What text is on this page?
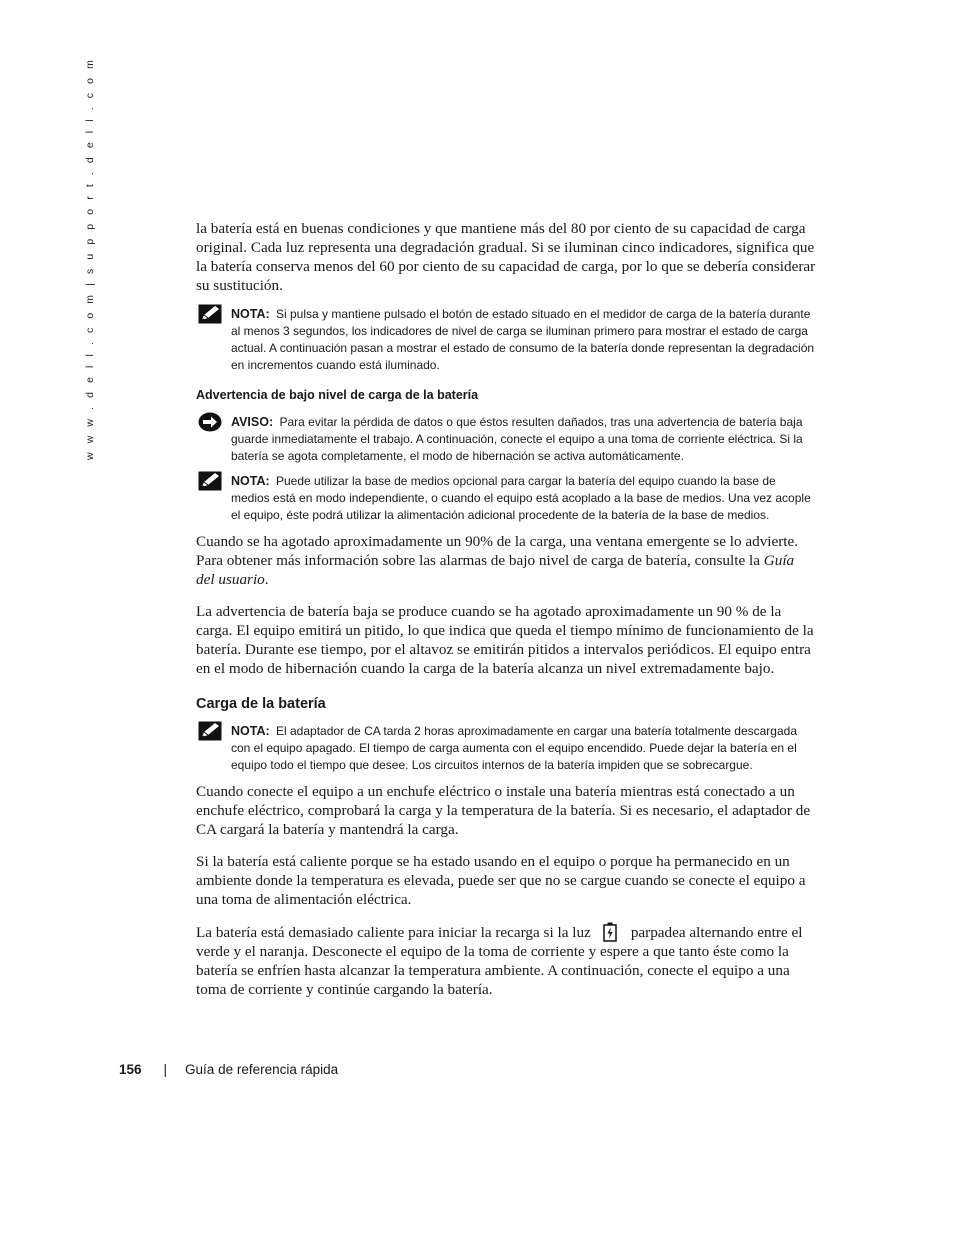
w w w . d e l l . c o m | s u p p o r t . d e l l . c o m	la batería está en buenas condiciones y que mantiene más del 80 por ciento de su capacidad de carga original. Cada luz representa una degradación gradual. Si se iluminan cinco indicadores, significa que la batería conserva menos del 60 por ciento de su capacidad de carga, por lo que se debería considerar su sustitución.

NOTA: Si pulsa y mantiene pulsado el botón de estado situado en el medidor de carga de la batería durante al menos 3 segundos, los indicadores de nivel de carga se iluminan primero para mostrar el estado de carga actual. A continuación pasan a mostrar el estado de consumo de la batería donde representan la degradación en incrementos cuando está iluminado.
Advertencia de bajo nivel de carga de la batería
AVISO: Para evitar la pérdida de datos o que éstos resulten dañados, tras una advertencia de batería baja guarde inmediatamente el trabajo. A continuación, conecte el equipo a una toma de corriente eléctrica. Si la batería se agota completamente, el modo de hibernación se activa automáticamente.
NOTA: Puede utilizar la base de medios opcional para cargar la batería del equipo cuando la base de medios está en modo independiente, o cuando el equipo está acoplado a la base de medios. Una vez acople el equipo, éste podrá utilizar la alimentación adicional procedente de la batería de la base de medios.

Cuando se ha agotado aproximadamente un 90% de la carga, una ventana emergente se lo advierte. Para obtener más información sobre las alarmas de bajo nivel de carga de batería, consulte la Guía del usuario.

La advertencia de batería baja se produce cuando se ha agotado aproximadamente un 90 % de la carga. El equipo emitirá un pitido, lo que indica que queda el tiempo mínimo de funcionamiento de la batería. Durante ese tiempo, por el altavoz se emitirán pitidos a intervalos periódicos. El equipo entra en el modo de hibernación cuando la carga de la batería alcanza un nivel extremadamente bajo.

Carga de la batería
NOTA: El adaptador de CA tarda 2 horas aproximadamente en cargar una batería totalmente descargada con el equipo apagado. El tiempo de carga aumenta con el equipo encendido. Puede dejar la batería en el equipo todo el tiempo que desee. Los circuitos internos de la batería impiden que se sobrecargue.

Cuando conecte el equipo a un enchufe eléctrico o instale una batería mientras está conectado a un enchufe eléctrico, comprobará la carga y la temperatura de la batería. Si es necesario, el adaptador de CA cargará la batería y mantendrá la carga.

Si la batería está caliente porque se ha estado usando en el equipo o porque ha permanecido en un ambiente donde la temperatura es elevada, puede ser que no se cargue cuando se conecte el equipo a una toma de alimentación eléctrica.

La batería está demasiado caliente para iniciar la recarga si la luz	parpadea alternando entre el verde y el naranja. Desconecte el equipo de la toma de corriente y espere a que tanto éste como la batería se enfríen hasta alcanzar la temperatura ambiente. A continuación, conecte el equipo a una toma de corriente y continúe cargando la batería.

156 | Guía de referencia rápida
